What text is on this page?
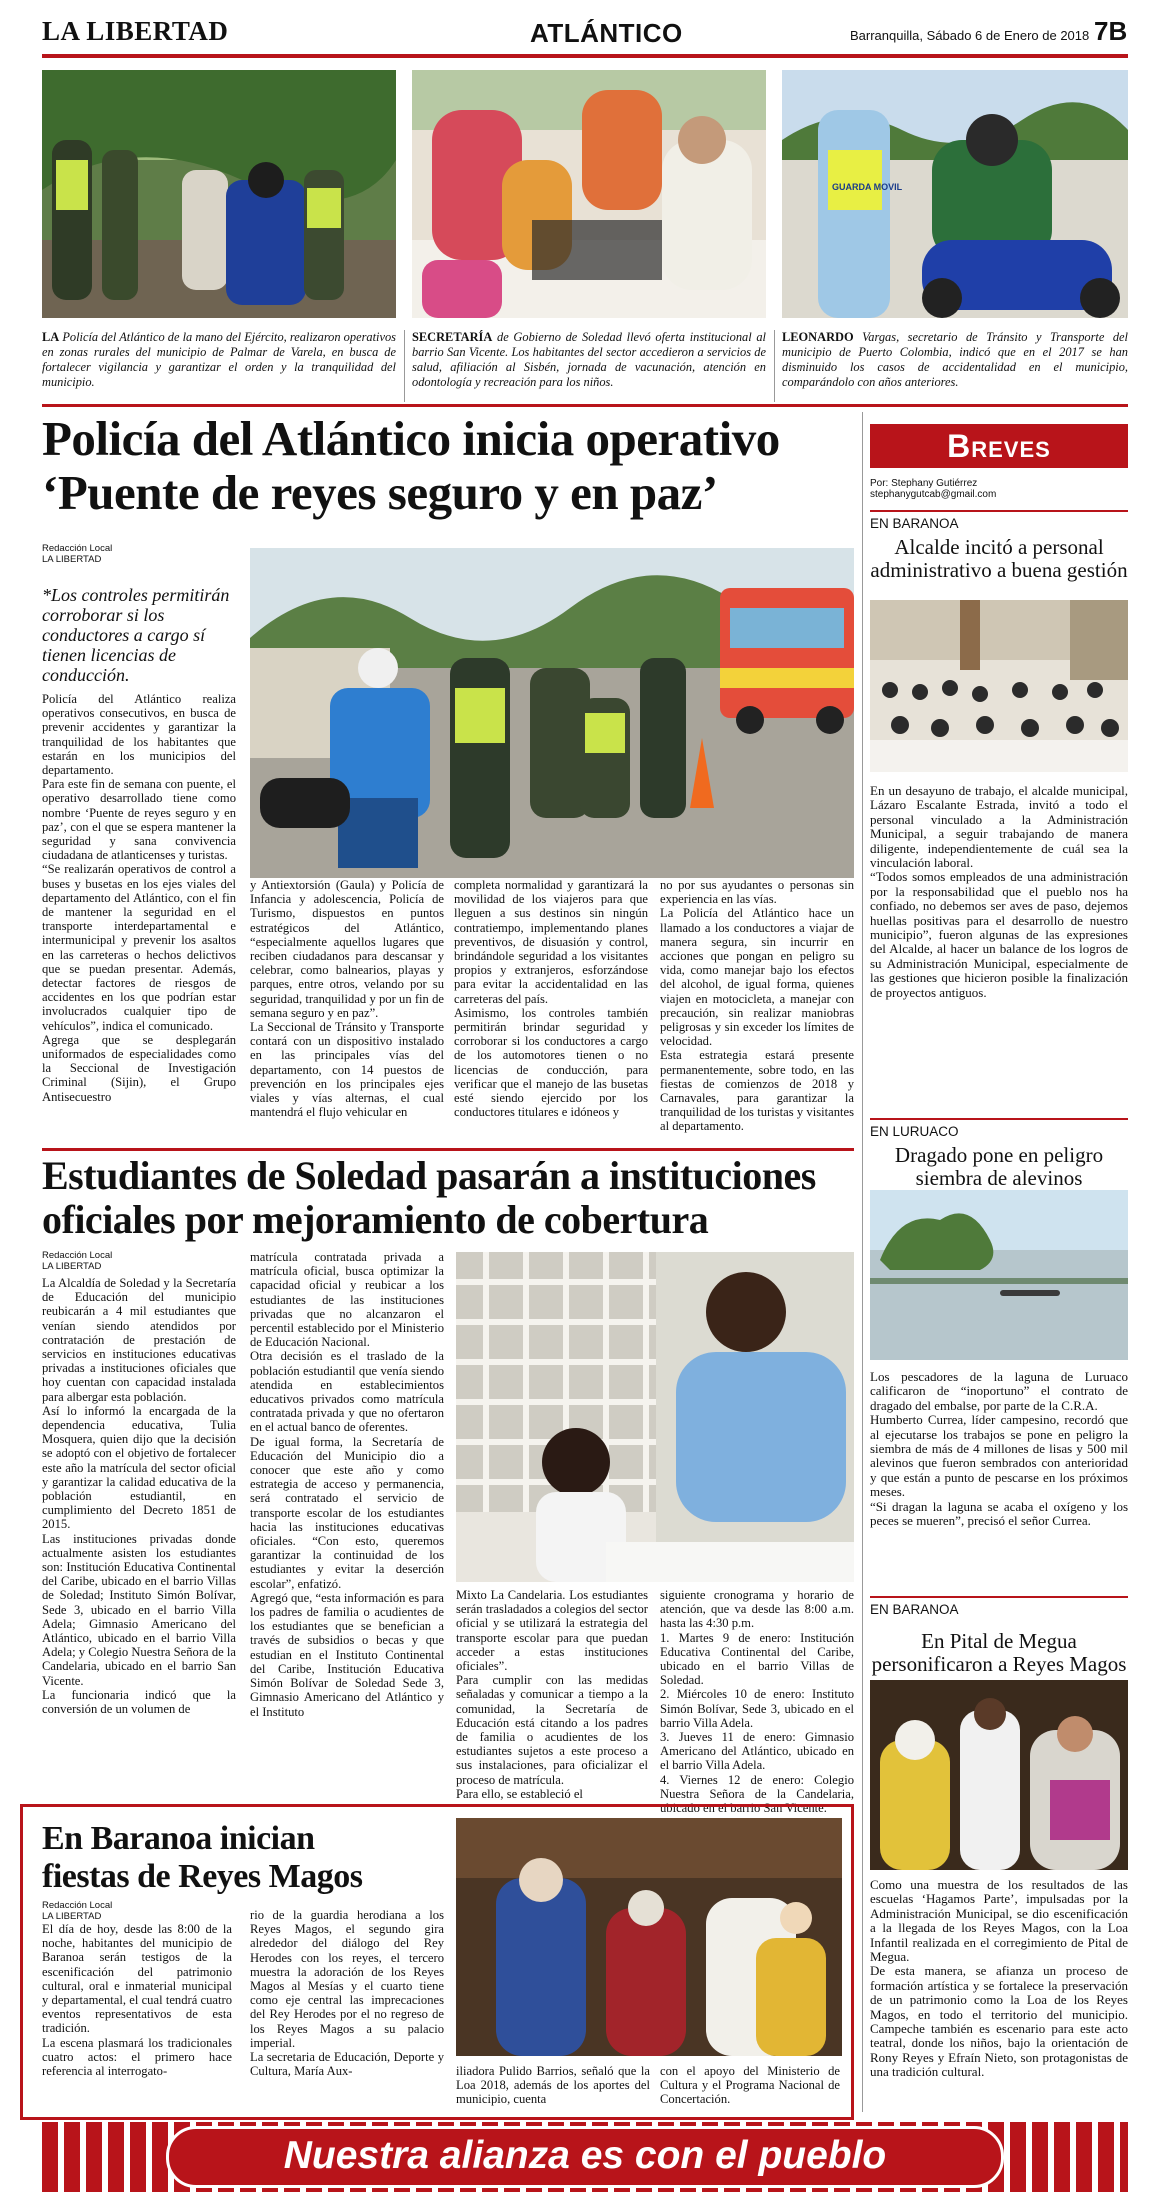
LA LIBERTAD	ATLÁNTICO	Barranquilla, Sábado 6 de Enero de 2018 7B
GUARDA MOVIL
LA Policía del Atlántico de la mano del Ejército, realizaron operativos en zonas rurales del municipio de Palmar de Varela, en busca de fortalecer vigilancia y garantizar el orden y la tranquilidad del municipio.
SECRETARÍA de Gobierno de Soledad llevó oferta institucional al barrio San Vicente. Los habitantes del sector accedieron a servicios de salud, afiliación al Sisbén, jornada de vacunación, atención en odontología y recreación para los niños.
LEONARDO Vargas, secretario de Tránsito y Transporte del municipio de Puerto Colombia, indicó que en el 2017 se han disminuido los casos de accidentalidad en el municipio, comparándolo con años anteriores.
Policía del Atlántico inicia operativo
‘Puente de reyes seguro y en paz’
Redacción Local
LA LIBERTAD
*Los controles permitirán corroborar si los conductores a cargo sí tienen licencias de conducción.
Policía del Atlántico realiza operativos consecutivos, en busca de prevenir accidentes y garantizar la tranquilidad de los habitantes que estarán en los municipios del departamento.
Para este fin de semana con puente, el operativo desarrollado tiene como nombre ‘Puente de reyes seguro y en paz’, con el que se espera mantener la seguridad y sana convivencia ciudadana de atlanticenses y turistas.
“Se realizarán operativos de control a buses y busetas en los ejes viales del departamento del Atlántico, con el fin de mantener la seguridad en el transporte interdepartamental e intermunicipal y prevenir los asaltos en las carreteras o hechos delictivos que se puedan presentar. Además, detectar factores de riesgos de accidentes en los que podrían estar involucrados cualquier tipo de vehículos”, indica el comunicado.
Agrega que se desplegarán uniformados de especialidades como la Seccional de Investigación Criminal (Sijin), el Grupo Antisecuestro
y Antiextorsión (Gaula) y Policía de Infancia y adolescencia, Policía de Turismo, dispuestos en puntos estratégicos del Atlántico, “especialmente aquellos lugares que reciben ciudadanos para descansar y celebrar, como balnearios, playas y parques, entre otros, velando por su seguridad, tranquilidad y por un fin de semana seguro y en paz”.
La Seccional de Tránsito y Transporte contará con un dispositivo instalado en las principales vías del departamento, con 14 puestos de prevención en los principales ejes viales y vías alternas, el cual mantendrá el flujo vehicular en
completa normalidad y garantizará la movilidad de los viajeros para que lleguen a sus destinos sin ningún contratiempo, implementando planes preventivos, de disuasión y control, brindándole seguridad a los visitantes propios y extranjeros, esforzándose para evitar la accidentalidad en las carreteras del país.
Asimismo, los controles también permitirán brindar seguridad y corroborar si los conductores a cargo de los automotores tienen o no licencias de conducción, para verificar que el manejo de las busetas esté siendo ejercido por los conductores titulares e idóneos y
no por sus ayudantes o personas sin experiencia en las vías.
La Policía del Atlántico hace un llamado a los conductores a viajar de manera segura, sin incurrir en acciones que pongan en peligro su vida, como manejar bajo los efectos del alcohol, de igual forma, quienes viajen en motocicleta, a manejar con precaución, sin realizar maniobras peligrosas y sin exceder los límites de velocidad.
Esta estrategia estará presente permanentemente, sobre todo, en las fiestas de comienzos de 2018 y Carnavales, para garantizar la tranquilidad de los turistas y visitantes al departamento.
Estudiantes de Soledad pasarán a instituciones
oficiales por mejoramiento de cobertura
Redacción Local
LA LIBERTAD
La Alcaldía de Soledad y la Secretaría de Educación del municipio reubicarán a 4 mil estudiantes que venían siendo atendidos por contratación de prestación de servicios en instituciones educativas privadas a instituciones oficiales que hoy cuentan con capacidad instalada para albergar esta población.
Así lo informó la encargada de la dependencia educativa, Tulia Mosquera, quien dijo que la decisión se adoptó con el objetivo de fortalecer este año la matrícula del sector oficial y garantizar la calidad educativa de la población estudiantil, en cumplimiento del Decreto 1851 de 2015.
Las instituciones privadas donde actualmente asisten los estudiantes son: Institución Educativa Continental del Caribe, ubicado en el barrio Villas de Soledad; Instituto Simón Bolívar, Sede 3, ubicado en el barrio Villa Adela; Gimnasio Americano del Atlántico, ubicado en el barrio Villa Adela; y Colegio Nuestra Señora de la Candelaria, ubicado en el barrio San Vicente.
La funcionaria indicó que la conversión de un volumen de
matrícula contratada privada a matrícula oficial, busca optimizar la capacidad oficial y reubicar a los estudiantes de las instituciones privadas que no alcanzaron el percentil establecido por el Ministerio de Educación Nacional.
Otra decisión es el traslado de la población estudiantil que venía siendo atendida en establecimientos educativos privados como matrícula contratada privada y que no ofertaron en el actual banco de oferentes.
De igual forma, la Secretaría de Educación del Municipio dio a conocer que este año y como estrategia de acceso y permanencia, será contratado el servicio de transporte escolar de los estudiantes hacia las instituciones educativas oficiales. “Con esto, queremos garantizar la continuidad de los estudiantes y evitar la deserción escolar”, enfatizó.
Agregó que, “esta información es para los padres de familia o acudientes de los estudiantes que se benefician a través de subsidios o becas y que estudian en el Instituto Continental del Caribe, Institución Educativa Simón Bolívar de Soledad Sede 3, Gimnasio Americano del Atlántico y el Instituto
Mixto La Candelaria. Los estudiantes serán trasladados a colegios del sector oficial y se utilizará la estrategia del transporte escolar para que puedan acceder a estas instituciones oficiales”.
Para cumplir con las medidas señaladas y comunicar a tiempo a la comunidad, la Secretaría de Educación está citando a los padres de familia o acudientes de los estudiantes sujetos a este proceso a sus instalaciones, para oficializar el proceso de matrícula.
Para ello, se estableció el
siguiente cronograma y horario de atención, que va desde las 8:00 a.m. hasta las 4:30 p.m.
1. Martes 9 de enero: Institución Educativa Continental del Caribe, ubicado en el barrio Villas de Soledad.
2. Miércoles 10 de enero: Instituto Simón Bolívar, Sede 3, ubicado en el barrio Villa Adela.
3. Jueves 11 de enero: Gimnasio Americano del Atlántico, ubicado en el barrio Villa Adela.
4. Viernes 12 de enero: Colegio Nuestra Señora de la Candelaria, ubicado en el barrio San Vicente.
En Baranoa inician
fiestas de Reyes Magos
Redacción Local
LA LIBERTAD
El día de hoy, desde las 8:00 de la noche, habitantes del municipio de Baranoa serán testigos de la escenificación del patrimonio cultural, oral e inmaterial municipal y departamental, el cual tendrá cuatro eventos representativos de esta tradición.
La escena plasmará los tradicionales cuatro actos: el primero hace referencia al interrogato-
rio de la guardia herodiana a los Reyes Magos, el segundo gira alrededor del diálogo del Rey Herodes con los reyes, el tercero muestra la adoración de los Reyes Magos al Mesías y el cuarto tiene como eje central las imprecaciones del Rey Herodes por el no regreso de los Reyes Magos a su palacio imperial.
La secretaria de Educación, Deporte y Cultura, María Aux-	iliadora Pulido Barrios, señaló que la Loa 2018, además de los aportes del municipio, cuenta
con el apoyo del Ministerio de Cultura y el Programa Nacional de Concertación.
Breves
Por: Stephany Gutiérrez
stephanygutcab@gmail.com
EN BARANOA
Alcalde incitó a personal administrativo a buena gestión
En un desayuno de trabajo, el alcalde municipal, Lázaro Escalante Estrada, invitó a todo el personal vinculado a la Administración Municipal, a seguir trabajando de manera diligente, independientemente de cuál sea la vinculación laboral.
“Todos somos empleados de una administración por la responsabilidad que el pueblo nos ha confiado, no debemos ser aves de paso, dejemos huellas positivas para el desarrollo de nuestro municipio”, fueron algunas de las expresiones del Alcalde, al hacer un balance de los logros de su Administración Municipal, especialmente de las gestiones que hicieron posible la finalización de proyectos antiguos.
EN LURUACO
Dragado pone en peligro siembra de alevinos
Los pescadores de la laguna de Luruaco calificaron de “inoportuno” el contrato de dragado del embalse, por parte de la C.R.A.
Humberto Currea, líder campesino, recordó que al ejecutarse los trabajos se pone en peligro la siembra de más de 4 millones de lisas y 500 mil alevinos que fueron sembrados con anterioridad y que están a punto de pescarse en los próximos meses.
“Si dragan la laguna se acaba el oxígeno y los peces se mueren”, precisó el señor Currea.
EN BARANOA
En Pital de Megua personificaron a Reyes Magos
Como una muestra de los resultados de las escuelas ‘Hagamos Parte’, impulsadas por la Administración Municipal, se dio escenificación a la llegada de los Reyes Magos, con la Loa Infantil realizada en el corregimiento de Pital de Megua.
De esta manera, se afianza un proceso de formación artística y se fortalece la preservación de un patrimonio como la Loa de los Reyes Magos, en todo el territorio del municipio. Campeche también es escenario para este acto teatral, donde los niños, bajo la orientación de Rony Reyes y Efraín Nieto, son protagonistas de una tradición cultural.
Nuestra alianza es con el pueblo
